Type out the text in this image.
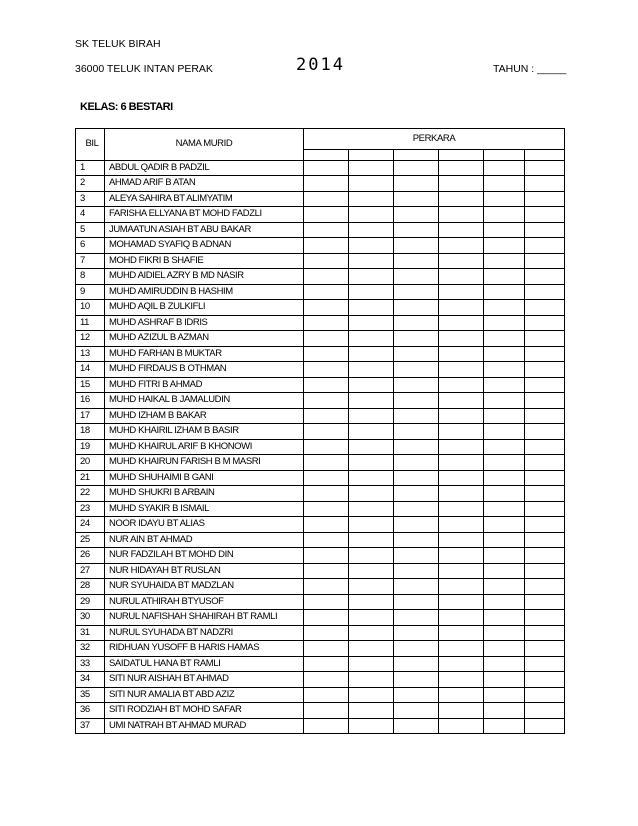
SK TELUK BIRAH
36000 TELUK INTAN PERAK	2014	TAHUN : _____
KELAS: 6 BESTARI
BIL	NAMA MURID	PERKARA					

1	ABDUL QADIR B PADZIL						
2	AHMAD ARIF B ATAN						
3	ALEYA SAHIRA BT ALIMYATIM						
4	FARISHA ELLYANA BT MOHD FADZLI						
5	JUMAATUN ASIAH BT ABU BAKAR						
6	MOHAMAD SYAFIQ B ADNAN						
7	MOHD FIKRI B SHAFIE						
8	MUHD AIDIEL AZRY B MD NASIR						
9	MUHD AMIRUDDIN B HASHIM						
10	MUHD AQIL B ZULKIFLI						
11	MUHD ASHRAF B IDRIS						
12	MUHD AZIZUL B AZMAN						
13	MUHD FARHAN B MUKTAR						
14	MUHD FIRDAUS B OTHMAN						
15	MUHD FITRI B AHMAD						
16	MUHD HAIKAL B JAMALUDIN						
17	MUHD IZHAM B BAKAR						
18	MUHD KHAIRIL IZHAM B BASIR						
19	MUHD KHAIRUL ARIF B KHONOWI						
20	MUHD KHAIRUN FARISH B M MASRI						
21	MUHD SHUHAIMI B GANI						
22	MUHD SHUKRI B ARBAIN						
23	MUHD SYAKIR B ISMAIL						
24	NOOR IDAYU BT ALIAS						
25	NUR AIN BT AHMAD						
26	NUR FADZILAH BT MOHD DIN						
27	NUR HIDAYAH BT RUSLAN						
28	NUR SYUHAIDA BT MADZLAN						
29	NURUL ATHIRAH BTYUSOF						
30	NURUL NAFISHAH SHAHIRAH BT RAMLI						
31	NURUL SYUHADA BT NADZRI						
32	RIDHUAN YUSOFF B HARIS HAMAS						
33	SAIDATUL HANA BT RAMLI						
34	SITI NUR AISHAH BT AHMAD						
35	SITI NUR AMALIA BT ABD AZIZ						
36	SITI RODZIAH BT MOHD SAFAR						
37	UMI NATRAH BT AHMAD MURAD						
